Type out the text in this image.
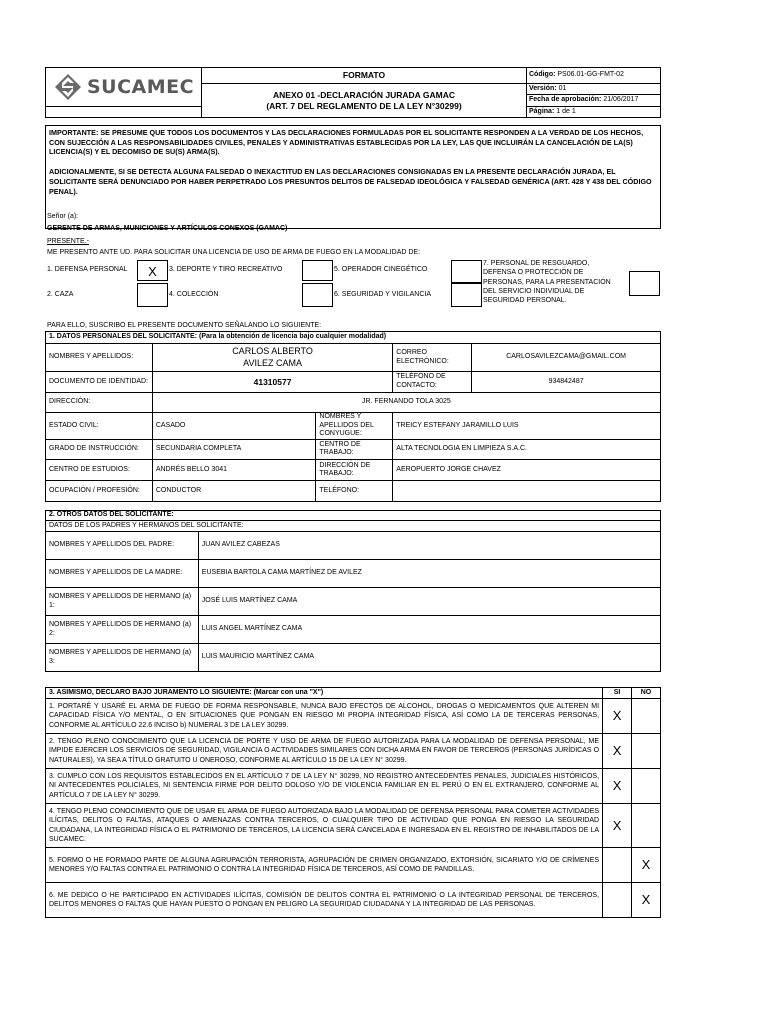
SUCAMEC	FORMATO	Código: PS06.01-GG-FMT-02

	ANEXO 01 -DECLARACIÓN JURADA GAMAC
(ART. 7 DEL REGLAMENTO DE LA LEY N°30299)	Versión: 01
		Fecha de aprobación: 21/06/2017
		Página: 1 de 1

IMPORTANTE: SE PRESUME QUE TODOS LOS DOCUMENTOS Y LAS DECLARACIONES FORMULADAS POR EL SOLICITANTE RESPONDEN A LA VERDAD DE LOS HECHOS, CON SUJECCIÓN A LAS RESPONSABILIDADES CIVILES, PENALES Y ADMINISTRATIVAS ESTABLECIDAS POR LA LEY, LAS QUE INCLUIRÁN LA CANCELACIÓN DE LA(S) LICENCIA(S) Y EL DECOMISO DE SU(S) ARMA(S).

ADICIONALMENTE, SI SE DETECTA ALGUNA FALSEDAD O INEXACTITUD EN LAS DECLARACIONES CONSIGNADAS EN LA PRESENTE DECLARACIÓN JURADA, EL SOLICITANTE SERÁ DENUNCIADO POR HABER PERPETRADO LOS PRESUNTOS DELITOS DE FALSEDAD IDEOLÓGICA Y FALSEDAD GENÉRICA (ART. 428 Y 438 DEL CÓDIGO PENAL).

Señor (a):
GERENTE DE ARMAS, MUNICIONES Y ARTÍCULOS CONEXOS (GAMAC)
PRESENTE.-
ME PRESENTO ANTE UD. PARA SOLICITAR UNA LICENCIA DE USO DE ARMA DE FUEGO EN LA MODALIDAD DE:
1. DEFENSA PERSONAL	X	3. DEPORTE Y TIRO RECREATIVO	5. OPERADOR CINEGÉTICO
2. CAZA	4. COLECCIÓN	6. SEGURIDAD Y VIGILANCIA
7. PERSONAL DE RESGUARDO,
DEFENSA O PROTECCIÓN DE
PERSONAS, PARA LA PRESENTACIÓN
DEL SERVICIO INDIVIDUAL DE
SEGURIDAD PERSONAL.
PARA ELLO, SUSCRIBO EL PRESENTE DOCUMENTO SEÑALANDO LO SIGUIENTE:
1. DATOS PERSONALES DEL SOLICITANTE: (Para la obtención de licencia bajo cualquier modalidad)				
NOMBRES Y APELLIDOS:	CARLOS ALBERTO
AVILEZ CAMA		CORREO ELECTRÓNICO:	CARLOSAVILEZCAMA@GMAIL.COM
DOCUMENTO DE IDENTIDAD:	41310577		TELÉFONO DE CONTACTO:	934842487
DIRECCIÓN:	JR. FERNANDO TOLA 3025			
ESTADO CIVIL:	CASADO	NOMBRES Y APELLIDOS DEL CONYUGUE:	TREICY ESTEFANY JARAMILLO LUIS	
GRADO DE INSTRUCCIÓN:	SECUNDARIA COMPLETA	CENTRO DE TRABAJO:	ALTA TECNOLOGIA EN LIMPIEZA S.A.C.	
CENTRO DE ESTUDIOS:	ANDRÉS BELLO 3041	DIRECCIÓN DE TRABAJO:	AEROPUERTO JORGE CHAVEZ	
OCUPACIÓN / PROFESIÓN:	CONDUCTOR	TELÉFONO:		
2. OTROS DATOS DEL SOLICITANTE:	
DATOS DE LOS PADRES Y HERMANOS DEL SOLICITANTE:	
NOMBRES Y APELLIDOS DEL PADRE:	JUAN AVILEZ CABEZAS
NOMBRES Y APELLIDOS DE LA MADRE:	EUSEBIA BARTOLA CAMA MARTÍNEZ DE AVILEZ
NOMBRES Y APELLIDOS DE HERMANO (a) 1:	JOSÉ LUIS MARTÍNEZ CAMA
NOMBRES Y APELLIDOS DE HERMANO (a) 2:	LUIS ANGEL MARTÍNEZ CAMA
NOMBRES Y APELLIDOS DE HERMANO (a) 3:	LUIS MAURICIO MARTÍNEZ CAMA
3. ASIMISMO, DECLARO BAJO JURAMENTO LO SIGUIENTE: (Marcar con una "X")	SI	NO
1. PORTARÉ Y USARÉ EL ARMA DE FUEGO DE FORMA RESPONSABLE, NUNCA BAJO EFECTOS DE ALCOHOL, DROGAS O MEDICAMENTOS QUE ALTEREN MI CAPACIDAD FÍSICA Y/O MENTAL, O EN SITUACIONES QUE PONGAN EN RIESGO MI PROPIA INTEGRIDAD FÍSICA, ASÍ COMO LA DE TERCERAS PERSONAS, CONFORME AL ARTÍCULO 22.6 INCISO b) NUMERAL 3 DE LA LEY 30299.	X	
2. TENGO PLENO CONOCIMIENTO QUE LA LICENCIA DE PORTE Y USO DE ARMA DE FUEGO AUTORIZADA PARA LA MODALIDAD DE DEFENSA PERSONAL, ME IMPIDE EJERCER LOS SERVICIOS DE SEGURIDAD, VIGILANCIA O ACTIVIDADES SIMILARES CON DICHA ARMA EN FAVOR DE TERCEROS (PERSONAS JURÍDICAS O NATURALES), YA SEA A TÍTULO GRATUITO U ONEROSO, CONFORME AL ARTÍCULO 15 DE LA LEY N° 30299.	X	
3. CUMPLO CON LOS REQUISITOS ESTABLECIDOS EN EL ARTÍCULO 7 DE LA LEY N° 30299, NO REGISTRO ANTECEDENTES PENALES, JUDICIALES HISTÓRICOS, NI ANTECEDENTES POLICIALES, NI SENTENCIA FIRME POR DELITO DOLOSO Y/O DE VIOLENCIA FAMILIAR EN EL PERÚ O EN EL EXTRANJERO, CONFORME AL ARTÍCULO 7 DE LA LEY N° 30299.	X	
4. TENGO PLENO CONOCIMIENTO QUE DE USAR EL ARMA DE FUEGO AUTORIZADA BAJO LA MODALIDAD DE DEFENSA PERSONAL PARA COMETER ACTIVIDADES ILÍCITAS, DELITOS O FALTAS, ATAQUES O AMENAZAS CONTRA TERCEROS, O CUALQUIER TIPO DE ACTIVIDAD QUE PONGA EN RIESGO LA SEGURIDAD CIUDADANA, LA INTEGRIDAD FÍSICA O EL PATRIMONIO DE TERCEROS, LA LICENCIA SERÁ CANCELADA E INGRESADA EN EL REGISTRO DE INHABILITADOS DE LA SUCAMEC.	X	
5. FORMO O HE FORMADO PARTE DE ALGUNA AGRUPACIÓN TERRORISTA, AGRUPACIÓN DE CRIMEN ORGANIZADO, EXTORSIÓN, SICARIATO Y/O DE CRÍMENES MENORES Y/O FALTAS CONTRA EL PATRIMONIO O CONTRA LA INTEGRIDAD FÍSICA DE TERCEROS, ASÍ COMO DE PANDILLAS.		X
6. ME DEDICO O HE PARTICIPADO EN ACTIVIDADES ILÍCITAS, COMISIÓN DE DELITOS CONTRA EL PATRIMONIO O LA INTEGRIDAD PERSONAL DE TERCEROS, DELITOS MENORES O FALTAS QUE HAYAN PUESTO O PONGAN EN PELIGRO LA SEGURIDAD CIUDADANA Y LA INTEGRIDAD DE LAS PERSONAS.		X
